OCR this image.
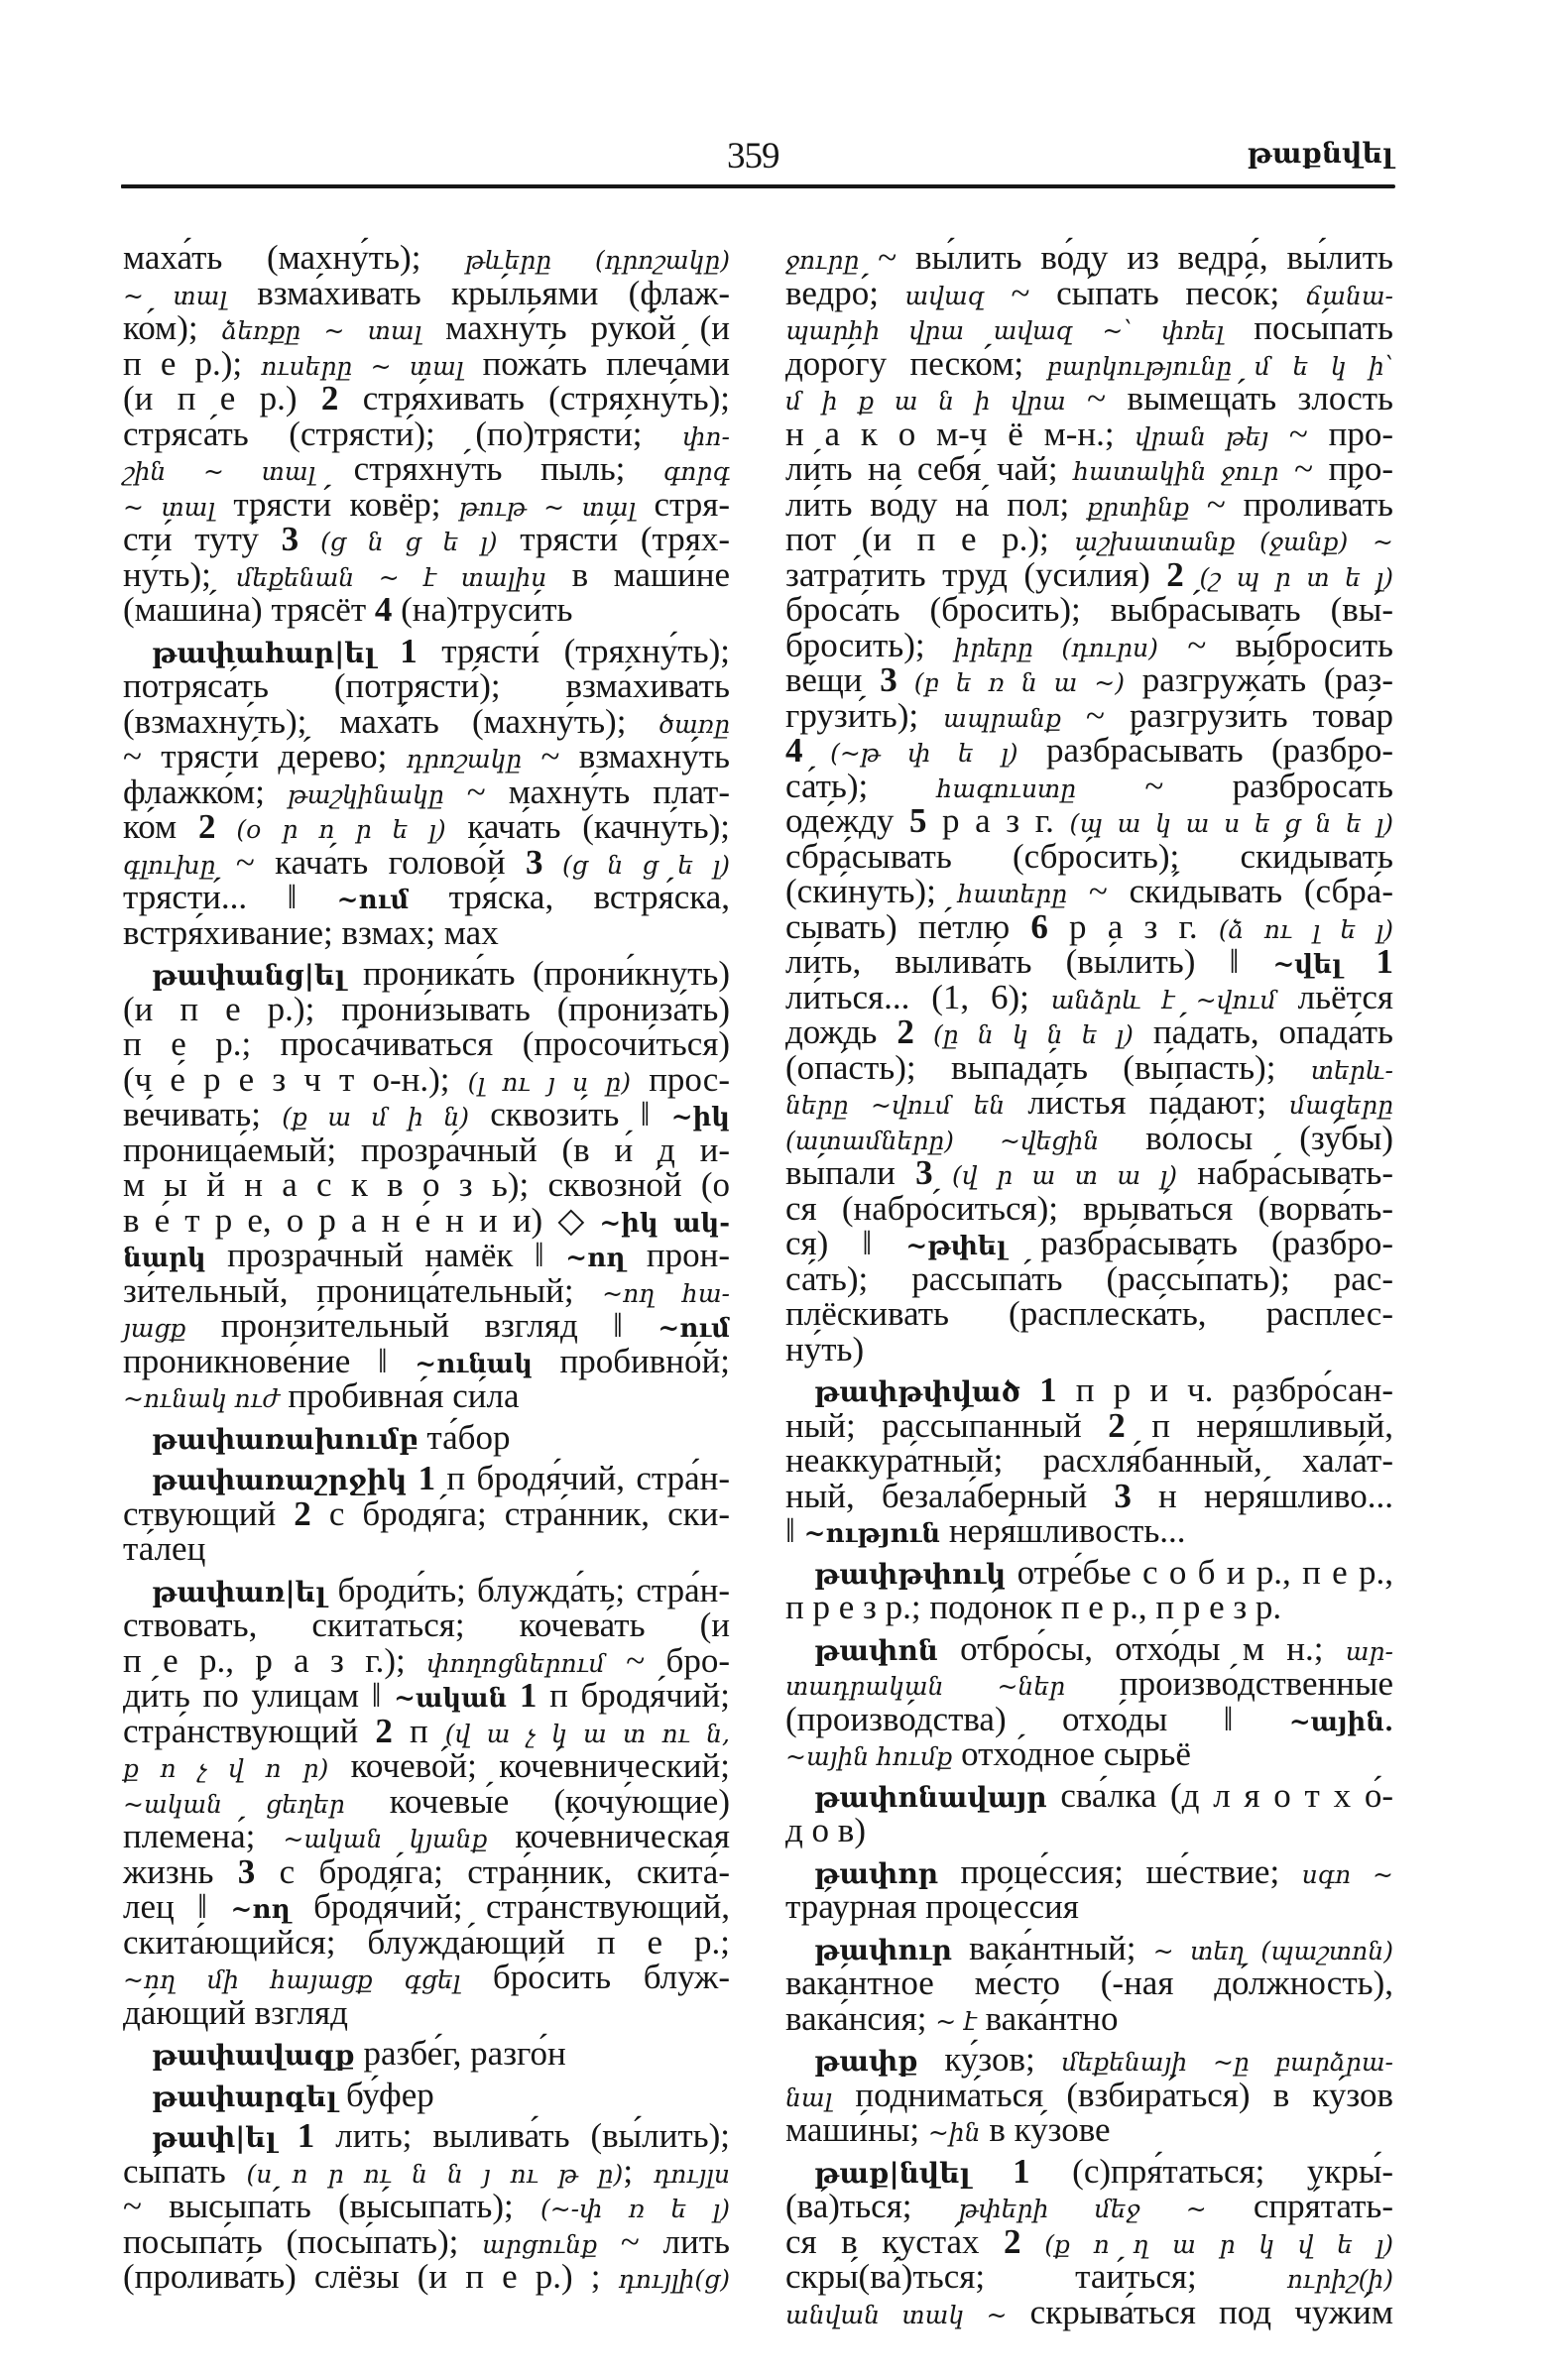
359	թաքնվել
маха́ть (махну́ть); թևերը (դրոշակը)
~ տալ взма́хивать кры́льями (флаж-
ко́м); ձեռքը ~ տալ махну́ть руко́й (и
п е р.); ուսերը ~ տալ пожа́ть плеча́ми
(и п е р.) 2 стря́хивать (стряхну́ть);
стряса́ть (стрясти́); (по)трясти́; փո-
շին ~ տալ стряхну́ть пыль; գորգ
~ տալ трясти́ ковёр; թութ ~ տալ стря-
сти́ туту́ 3 (ց ն ց ե լ) трясти́ (трях-
ну́ть); մեքենան ~ է տալիս в маши́не
(маши́на) трясёт 4 (на)труси́ть
թափահար|ել 1 трясти́ (тряхну́ть);
потряса́ть (потрясти́); взма́хивать
(взмахну́ть); маха́ть (махну́ть); ծառը
~ трясти́ де́рево; դրոշակը ~ взмахну́ть
флажко́м; թաշկինակը ~ махну́ть плат-
ко́м 2 (օ ր ո ր ե լ) кача́ть (качну́ть);
գլուխը ~ кача́ть голово́й 3 (ց ն ց ե լ)
трясти́... ‖ ~ում тря́ска, встря́ска,
встря́хивание; взмах; мах
թափանց|ել проника́ть (прони́кнуть)
(и п е р.); прони́зывать (прониза́ть)
п е р.; проса́чиваться (просочи́ться)
(ч е́ р е з ч т о-н.); (լ ու յ ս ը) прос-
ве́чивать; (ք ա մ ի ն) сквози́ть ‖ ~իկ
проница́емый; прозра́чный (в и́ д и-
м ы й н а с к в о́ з ь); сквозно́й (о
в е́ т р е, о р а н е́ н и и) ◇ ~իկ ակ-
նարկ прозра́чный намёк ‖ ~ող прон-
зи́тельный, проница́тельный; ~ող հա-
յացք пронзи́тельный взгляд ‖ ~ում
проникнове́ние ‖ ~ունակ пробивно́й;
~ունակ ուժ пробивна́я си́ла
թափառախումբ та́бор
թափառաշրջիկ 1 п бродя́чий, стра́н-
ствующий 2 с бродя́га; стра́нник, ски-
та́лец
թափառ|ել броди́ть; блужда́ть; стра́н-
ствовать, скита́ться; кочева́ть (и
п е р., р а з г.); փողոցներում ~ бро-
ди́ть по у́лицам ‖ ~ական 1 п бродя́чий;
стра́нствующий 2 п (վ ա չ կ ա տ ու ն,
ք ո չ վ ո ր) кочево́й; коче́внический;
~ական ցեղեր кочевы́е (кочу́ющие)
племена́; ~ական կյանք коче́вническая
жизнь 3 с бродя́га; стра́нник, скита́-
лец ‖ ~ող бродя́чий; стра́нствующий,
скита́ющийся; блужда́ющий п е р.;
~ող մի հայացք գցել бро́сить блуж-
да́ющий взгляд
թափավազք разбе́г, разго́н
թափարգել бу́фер
թափ|ել 1 лить; вылива́ть (вы́лить);
сы́пать (ս ո ր ու ն ն յ ու թ ը); դույլս
~ высыпа́ть (вы́сыпать); (~-փ ռ ե լ)
посыпа́ть (посы́пать); արցունք ~ лить
(пролива́ть) слёзы (и п е р.) ; դույլի(ց)
ջուրը ~ вы́лить во́ду из ведра́, вы́лить
ведро́; ավազ ~ сы́пать песо́к; ճանա-
պարհի վրա ավազ ~՝ փռել посы́пать
доро́гу песко́м; բարկությունը մ ե կ ի՝
մ ի ք ա ն ի վրա ~ вымеща́ть злость
н а к о м-ч ё м-н.; վրան թեյ ~ про-
ли́ть на себя́ чай; հատակին ջուր ~ про-
ли́ть во́ду на́ пол; քրտինք ~ пролива́ть
пот (и п е р.); աշխատանք (ջանք) ~
затра́тить труд (уси́лия) 2 (շ պ ր տ ե լ)
броса́ть (бро́сить); выбра́сывать (вы́-
бросить); իրերը (դուրս) ~ вы́бросить
ве́щи 3 (բ ե ռ ն ա ~) разгружа́ть (раз-
грузи́ть); ապրանք ~ разгрузи́ть това́р
4 (~թ փ ե լ) разбра́сывать (разбро-
са́ть); հագուստը ~ разброса́ть
оде́жду 5 р а з г. (պ ա կ ա ս ե ց ն ե լ)
сбра́сывать (сбро́сить); ски́дывать
(ски́нуть); հատերը ~ ски́дывать (сбра́-
сывать) пе́тлю 6 р а з г. (ձ ու լ ե լ)
ли́ть, вылива́ть (вы́лить) ‖ ~վել 1
ли́ться... (1, 6); անձրև է ~վում льётся
дождь 2 (ը ն կ ն ե լ) па́дать, опада́ть
(опа́сть); выпада́ть (вы́пасть); տերև-
ները ~վում են ли́стья па́дают; մազերը
(ատամները) ~վեցին во́лосы (зу́бы)
вы́пали 3 (վ ր ա տ ա լ) набра́сывать-
ся (набро́ситься); врыва́ться (ворва́ть-
ся) ‖ ~թփել разбра́сывать (разбро-
са́ть); рассыпа́ть (рассы́пать); рас-
плёскивать (расплеска́ть, расплес-
ну́ть)
թափթփված 1 п р и ч. разбро́сан-
ный; рассы́панный 2 п неря́шливый,
неаккура́тный; расхля́банный, хала́т-
ный, безала́берный 3 н неря́шливо...
‖ ~ություն неря́шливость...
թափթփուկ отре́бье с о б и р., п е р.,
п р е з р.; подо́нок п е р., п р е з р.
թափոն отбро́сы, отхо́ды м н.; ար-
տադրական ~ներ произво́дственные
(произво́дства) отхо́ды ‖ ~ային.
~ային հումք отхо́дное сырьё
թափոնավայր сва́лка (д л я о т х о́-
д о в)
թափոր проце́ссия; ше́ствие; սգո ~
тра́урная проце́ссия
թափուր вака́нтный; ~ տեղ (պաշտոն)
вака́нтное ме́сто (-ная до́лжность),
вака́нсия; ~ է вака́нтно
թափք ку́зов; մեքենայի ~ը բարձրա-
նալ поднима́ться (взбира́ться) в ку́зов
маши́ны; ~ին в ку́зове
թաք|նվել 1 (с)пря́таться; укры́-
(ва́)ться; թփերի մեջ ~ спря́тать-
ся в куста́х 2 (ք ո ղ ա ր կ վ ե լ)
скры́(ва́)ться; таи́ться; ուրիշ(ի)
անվան տակ ~ скрыва́ться под чужи́м
